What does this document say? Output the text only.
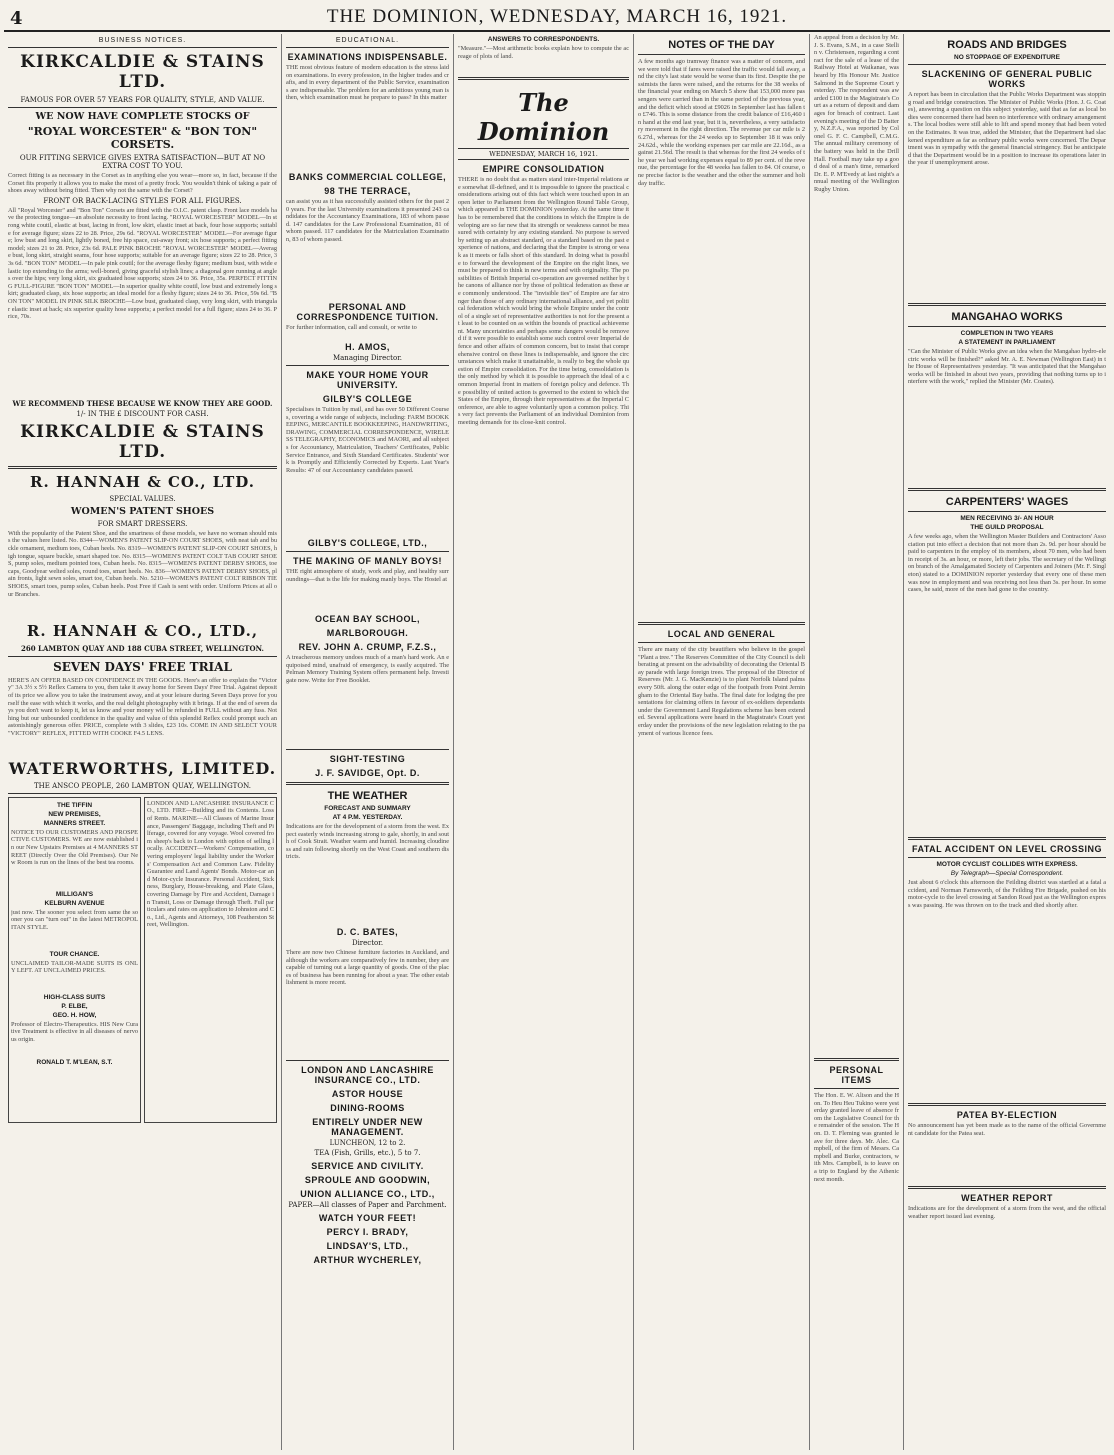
4	THE DOMINION, WEDNESDAY, MARCH 16, 1921.
BUSINESS NOTICES.
KIRKCALDIE & STAINS LTD.
FAMOUS FOR OVER 57 YEARS FOR QUALITY, STYLE, AND VALUE.
WE NOW HAVE COMPLETE STOCKS OF
"ROYAL WORCESTER" & "BON TON" CORSETS.
OUR FITTING SERVICE GIVES EXTRA SATISFACTION—BUT AT NO EXTRA COST TO YOU.
Correct fitting is as necessary in the Corset as in anything else you wear—more so, in fact, because if the Corset fits properly it allows you to make the most of a pretty frock. You wouldn't think of taking a pair of shoes away without being fitted. Then why not the same with the Corset?
FRONT OR BACK-LACING STYLES FOR ALL FIGURES.
All "Royal Worcester" and "Bon Ton" Corsets are fitted with the O.I.C. patent clasp. Front lace models have the protecting tongue—an absolute necessity to front lacing. "ROYAL WORCESTER" MODEL—In strong white coutil, elastic at bust, lacing in front, low skirt, elastic inset at back, four hose supports; suitable for average figure; sizes 22 to 28. Price, 29s 6d. "ROYAL WORCESTER" MODEL—For average figure; low bust and long skirt, lightly boned, free hip space, cut-away front; six hose supports; a perfect fitting model; sizes 21 to 28. Price, 23s 6d. PALE PINK BROCHE "ROYAL WORCESTER" MODEL—Average bust, long skirt, straight seams, four hose supports; suitable for an average figure; sizes 22 to 28. Price, 33s 6d. "BON TON" MODEL—In pale pink coutil; for the average fleshy figure; medium bust, with wide elastic top extending to the arms; well-boned, giving graceful stylish lines; a diagonal gore running at angles over the hips; very long skirt, six graduated hose supports; sizes 24 to 36. Price, 35s. PERFECT FITTING FULL-FIGURE "BON TON" MODEL—In superior quality white coutil, low bust and extremely long skirt; graduated clasp, six hose supports; an ideal model for a fleshy figure; sizes 24 to 36. Price, 59s 6d. "BON TON" MODEL IN PINK SILK BROCHE—Low bust, graduated clasp, very long skirt, with triangular elastic inset at back; six superior quality hose supports; a perfect model for a full figure; sizes 24 to 36. Price, 70s.
WE RECOMMEND THESE BECAUSE WE KNOW THEY ARE GOOD.
1/- IN THE £ DISCOUNT FOR CASH.
KIRKCALDIE & STAINS LTD.
R. HANNAH & CO., LTD.
SPECIAL VALUES.
WOMEN'S PATENT SHOES
FOR SMART DRESSERS.
With the popularity of the Patent Shoe, and the smartness of these models, we have no woman should miss the values here listed. No. 8344—WOMEN'S PATENT SLIP-ON COURT SHOES, with neat tab and buckle ornament, medium toes, Cuban heels. No. 8319—WOMEN'S PATENT SLIP-ON COURT SHOES, high tongue, square buckle, smart shaped toe. No. 8315—WOMEN'S PATENT COLT TAB COURT SHOES, pump soles, medium pointed toes, Cuban heels. No. 8315—WOMEN'S PATENT DERBY SHOES, toecaps, Goodyear welted soles, round toes, smart heels. No. 836—WOMEN'S PATENT DERBY SHOES, plain fronts, light sewn soles, smart toe, Cuban heels. No. 5210—WOMEN'S PATENT COLT RIBBON TIE SHOES, smart toes, pump soles, Cuban heels. Post Free if Cash is sent with order. Uniform Prices at all our Branches.
R. HANNAH & CO., LTD.,
260 LAMBTON QUAY AND 188 CUBA STREET, WELLINGTON.
SEVEN DAYS' FREE TRIAL
HERE'S AN OFFER BASED ON CONFIDENCE IN THE GOODS. Here's an offer to explain the "Victory" 3A 3½ x 5½ Reflex Camera to you, then take it away home for Seven Days' Free Trial. Against deposit of its price we allow you to take the instrument away, and at your leisure during Seven Days prove for yourself the ease with which it works, and the real delight photography with it brings. If at the end of seven days you don't want to keep it, let us know and your money will be refunded in FULL without any fuss. Nothing but our unbounded confidence in the quality and value of this splendid Reflex could prompt such an astonishingly generous offer. PRICE, complete with 3 slides, £23 10s. COME IN AND SELECT YOUR "VICTORY" REFLEX, FITTED WITH COOKE F4.5 LENS.
WATERWORTHS, LIMITED.
THE ANSCO PEOPLE, 260 LAMBTON QUAY, WELLINGTON.
THE TIFFIN
NEW PREMISES,
MANNERS STREET.
NOTICE TO OUR CUSTOMERS AND PROSPECTIVE CUSTOMERS. WE are now established in our New Upstairs Premises at 4 MANNERS STREET (Directly Over the Old Premises). Our New Room is run on the lines of the best tea rooms.
MILLIGAN'S
KELBURN AVENUE
just now. The sooner you select from same the sooner you can "turn out" in the latest METROPOLITAN STYLE.
TOUR CHANCE.
UNCLAIMED TAILOR-MADE SUITS IS ONLY LEFT. AT UNCLAIMED PRICES.
HIGH-CLASS SUITS
P. ELBE,
GEO. H. HOW,
Professor of Electro-Therapeutics. HIS New Curative Treatment is effective in all diseases of nervous origin.
RONALD T. M'LEAN, S.T.
LONDON AND LANCASHIRE INSURANCE CO., LTD. FIRE—Building and its Contents. Loss of Rents. MARINE—All Classes of Marine Insurance, Passengers' Baggage, including Theft and Pilferage, covered for any voyage. Wool covered from sheep's back to London with option of selling locally. ACCIDENT—Workers' Compensation, covering employers' legal liability under the Workers' Compensation Act and Common Law. Fidelity Guarantee and Land Agents' Bonds. Motor-car and Motor-cycle Insurance. Personal Accident, Sickness, Burglary, House-breaking, and Plate Glass, covering Damage by Fire and Accident, Damage in Transit, Loss or Damage through Theft. Full particulars and rates on application to Johnston and Co., Ltd., Agents and Attorneys, 108 Featherston Street, Wellington.
EDUCATIONAL.
EXAMINATIONS INDISPENSABLE.
THE most obvious feature of modern education is the stress laid on examinations. In every profession, in the higher trades and crafts, and in every department of the Public Service, examinations are indispensable. The problem for an ambitious young man is then, which examination must he prepare to pass? In this matter
BANKS COMMERCIAL COLLEGE,
98 THE TERRACE,
can assist you as it has successfully assisted others for the past 20 years. For the last University examinations it presented 243 candidates for the Accountancy Examinations, 183 of whom passed. 147 candidates for the Law Professional Examination, 81 of whom passed. 117 candidates for the Matriculation Examination, 83 of whom passed.
PERSONAL AND CORRESPONDENCE TUITION.
For further information, call and consult, or write to
H. AMOS,
Managing Director.
MAKE YOUR HOME YOUR UNIVERSITY.
GILBY'S COLLEGE
Specialises in Tuition by mail, and has over 50 Different Courses, covering a wide range of subjects, including: FARM BOOKKEEPING, MERCANTILE BOOKKEEPING, HANDWRITING, DRAWING, COMMERCIAL CORRESPONDENCE, WIRELESS TELEGRAPHY, ECONOMICS and MAORI, and all subjects for Accountancy, Matriculation, Teachers' Certificates, Public Service Entrance, and Sixth Standard Certificates. Students' work is Promptly and Efficiently Corrected by Experts. Last Year's Results: 47 of our Accountancy candidates passed.
GILBY'S COLLEGE, LTD.,
THE MAKING OF MANLY BOYS!
THE right atmosphere of study, work and play, and healthy surroundings—that is the life for making manly boys. The Hostel at
OCEAN BAY SCHOOL,
MARLBOROUGH.
REV. JOHN A. CRUMP, F.Z.S.,
A treacherous memory undoes much of a man's hard work. An equipoised mind, unafraid of emergency, is easily acquired. The Pelman Memory Training System offers permanent help. Investigate now. Write for Free Booklet.
SIGHT-TESTING
J. F. SAVIDGE, Opt. D.
THE WEATHER
FORECAST AND SUMMARY
AT 4 P.M. YESTERDAY.
Indications are for the development of a storm from the west. Expect easterly winds increasing strong to gale, shortly, in and south of Cook Strait. Weather warm and humid. Increasing cloudiness and rain following shortly on the West Coast and southern districts.
D. C. BATES,
Director.
There are now two Chinese furniture factories in Auckland, and although the workers are comparatively few in number, they are capable of turning out a large quantity of goods. One of the places of business has been running for about a year. The other establishment is more recent.
LONDON AND LANCASHIRE INSURANCE CO., LTD.
ASTOR HOUSE
DINING-ROOMS
ENTIRELY UNDER NEW MANAGEMENT.
LUNCHEON, 12 to 2.
TEA (Fish, Grills, etc.), 5 to 7.
SERVICE AND CIVILITY.
SPROULE AND GOODWIN,
UNION ALLIANCE CO., LTD.,
PAPER—All classes of Paper and Parchment.
WATCH YOUR FEET!
PERCY I. BRADY,
LINDSAY'S, LTD.,
ARTHUR WYCHERLEY,
ANSWERS TO CORRESPONDENTS.
"Measure."—Most arithmetic books explain how to compute the acreage of plots of land.
The Dominion
WEDNESDAY, MARCH 16, 1921.
EMPIRE CONSOLIDATION
THERE is no doubt that as matters stand inter-Imperial relations are somewhat ill-defined, and it is impossible to ignore the practical considerations arising out of this fact which were touched upon in an open letter to Parliament from the Wellington Round Table Group, which appeared in THE DOMINION yesterday. At the same time it has to be remembered that the conditions in which the Empire is developing are so far new that its strength or weakness cannot be measured with certainty by any existing standard. No purpose is served by setting up an abstract standard, or a standard based on the past experience of nations, and declaring that the Empire is strong or weak as it meets or falls short of this standard. In doing what is possible to forward the development of the Empire on the right lines, we must be prepared to think in new terms and with originality. The possibilities of British Imperial co-operation are governed neither by the canons of alliance nor by those of political federation as these are commonly understood. The "invisible ties" of Empire are far stronger than those of any ordinary international alliance, and yet political federation which would bring the whole Empire under the control of a single set of representative authorities is not for the present at least to be counted on as within the bounds of practical achievement. Many uncertainties and perhaps some dangers would be removed if it were possible to establish some such control over Imperial defence and other affairs of common concern, but to insist that comprehensive control on these lines is indispensable, and ignore the circumstances which make it unattainable, is really to beg the whole question of Empire consolidation. For the time being, consolidation is the only method by which it is possible to approach the ideal of a common Imperial front in matters of foreign policy and defence. The possibility of united action is governed to the extent to which the States of the Empire, through their representatives at the Imperial Conference, are able to agree voluntarily upon a common policy. This very fact prevents the Parliament of an individual Dominion from meeting demands for its close-knit control.
NOTES OF THE DAY
A few months ago tramway finance was a matter of concern, and we were told that if fares were raised the traffic would fall away, and the city's last state would be worse than its first. Despite the pessimists the fares were raised, and the returns for the 38 weeks of the financial year ending on March 5 show that 153,000 more passengers were carried than in the same period of the previous year, and the deficit which stood at £9026 in September last has fallen to £746. This is some distance from the credit balance of £16,460 in hand at the end last year, but it is, nevertheless, a very satisfactory movement in the right direction. The revenue per car mile is 26.27d., whereas for the 24 weeks up to September 18 it was only 24.62d., while the working expenses per car mile are 22.16d., as against 21.56d. The result is that whereas for the first 24 weeks of the year we had working expenses equal to 89 per cent. of the revenue, the percentage for the 48 weeks has fallen to 84. Of course, one precise factor is the weather and the other the summer and holiday traffic.
LOCAL AND GENERAL
There are many of the city beautifiers who believe in the gospel "Plant a tree." The Reserves Committee of the City Council is deliberating at present on the advisability of decorating the Oriental Bay parade with large foreign trees. The proposal of the Director of Reserves (Mr. J. G. MacKenzie) is to plant Norfolk Island palms every 50ft. along the outer edge of the footpath from Point Jerningham to the Oriental Bay baths. The final date for lodging the presentations for claiming offers in favour of ex-soldiers dependants under the Government Land Regulations scheme has been extended. Several applications were heard in the Magistrate's Court yesterday under the provisions of the new legislation relating to the payment of various licence fees.
An appeal from a decision by Mr. J. S. Evans, S.M., in a case Stellin v. Christensen, regarding a contract for the sale of a lease of the Railway Hotel at Waikanae, was heard by His Honour Mr. Justice Salmond in the Supreme Court yesterday. The respondent was awarded £100 in the Magistrate's Court as a return of deposit and damages for breach of contract. Last evening's meeting of the D Battery, N.Z.F.A., was reported by Colonel G. F. C. Campbell, C.M.G. The annual military ceremony of the battery was held in the Drill Hall. Football may take up a good deal of a man's time, remarked Dr. E. P. M'Evedy at last night's annual meeting of the Wellington Rugby Union.
PERSONAL ITEMS
The Hon. E. W. Alison and the Hon. To Heu Heu Tukino were yesterday granted leave of absence from the Legislative Council for the remainder of the session. The Hon. D. T. Fleming was granted leave for three days. Mr. Alec. Campbell, of the firm of Messrs. Campbell and Burke, contractors, with Mrs. Campbell, is to leave on a trip to England by the Athenic next month.
ROADS AND BRIDGES
NO STOPPAGE OF EXPENDITURE
SLACKENING OF GENERAL PUBLIC WORKS
A report has been in circulation that the Public Works Department was stopping road and bridge construction. The Minister of Public Works (Hon. J. G. Coates), answering a question on this subject yesterday, said that as far as local bodies were concerned there had been no interference with ordinary arrangements. The local bodies were still able to lift and spend money that had been voted on the Estimates. It was true, added the Minister, that the Department had slackened expenditure as far as ordinary public works were concerned. The Department was in sympathy with the general financial stringency. But he anticipated that the Department would be in a position to increase its operations later in the year if unemployment arose.
MANGAHAO WORKS
COMPLETION IN TWO YEARS
A STATEMENT IN PARLIAMENT
"Can the Minister of Public Works give an idea when the Mangahao hydro-electric works will be finished?" asked Mr. A. E. Newman (Wellington East) in the House of Representatives yesterday. "It was anticipated that the Mangahao works will be finished in about two years, providing that nothing turns up to interfere with the work," replied the Minister (Mr. Coates).
CARPENTERS' WAGES
MEN RECEIVING 3/- AN HOUR
THE GUILD PROPOSAL
A few weeks ago, when the Wellington Master Builders and Contractors' Association put into effect a decision that not more than 2s. 9d. per hour should be paid to carpenters in the employ of its members, about 70 men, who had been in receipt of 3s. an hour, or more, left their jobs. The secretary of the Wellington branch of the Amalgamated Society of Carpenters and Joiners (Mr. F. Singleton) stated to a DOMINION reporter yesterday that every one of these men was now in employment and was receiving not less than 3s. per hour. In some cases, he said, more of the men had gone to the country.
FATAL ACCIDENT ON LEVEL CROSSING
MOTOR CYCLIST COLLIDES WITH EXPRESS.
By Telegraph—Special Correspondent.
Just about 6 o'clock this afternoon the Feilding district was startled at a fatal accident, and Norman Farnsworth, of the Feilding Fire Brigade, pushed on his motor-cycle to the level crossing at Sandon Road just as the Wellington express was passing. He was thrown on to the track and died shortly after.
PATEA BY-ELECTION
No announcement has yet been made as to the name of the official Government candidate for the Patea seat.
WEATHER REPORT
Indications are for the development of a storm from the west, and the official weather report issued last evening.
